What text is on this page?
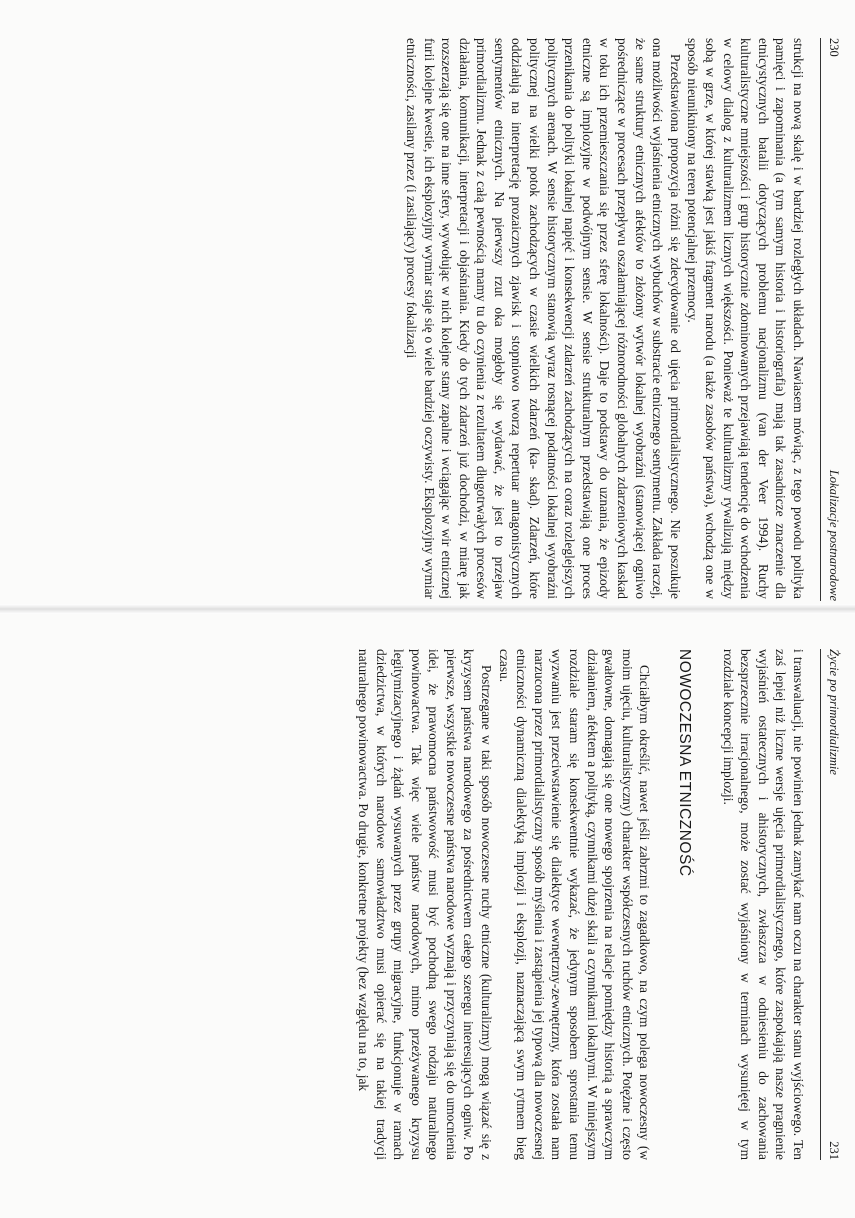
230
Lokalizacje postnarodowe

strukcji na nową skalę i w bardziej rozległych układach. Nawiasem mówiąc, z tego powodu polityka pamięci i zapominania (a tym samym historia i historiografia) mają tak zasadnicze znaczenie dla etnicystycznych batalii dotyczących problemu nacjonalizmu (van der Veer 1994). Ruchy kulturalistyczne mniejszości i grup historycznie zdominowanych przejawiają tendencję do wchodzenia w celowy dialog z kulturalizmem licznych większości. Ponieważ te kulturalizmy rywalizują między sobą w grze, w której stawką jest jakiś fragment narodu (a także zasobów państwa), wchodzą one w sposób nieunikniony na teren potencjalnej przemocy.

Przedstawiona propozycja różni się zdecydowanie od ujęcia primordialistycznego. Nie poszukuje ona możliwości wyjaśnienia etnicznych wybuchów w substracie etnicznego sentymentu. Zakłada raczej, że same struktury etnicznych afektów to złożony wytwór lokalnej wyobraźni (stanowiącej ogniwo pośredniczące w procesach przepływu oszałamiającej różnorodności globalnych zdarzeniowych kaskad w toku ich przemieszczania się przez sferę lokalności). Daje to podstawy do uznania, że epizody etniczne są implozyjne w podwójnym sensie. W sensie strukturalnym przedstawiają one proces przenikania do polityki lokalnej napięć i konsekwencji zdarzeń zachodzących na coraz rozleglejszych politycznych arenach. W sensie historycznym stanowią wyraz rosnącej podatności lokalnej wyobraźni politycznej na wielki potok zachodzących w czasie wielkich zdarzeń (ka- skad). Zdarzeń, które oddziałują na interpretację prozaicznych zjawisk i stopniowo tworzą repertuar antagonistycznych sentymentów etnicznych. Na pierwszy rzut oka mogłoby się wydawać, że jest to przejaw primordializmu. Jednak z całą pewnością mamy tu do czynienia z rezultatem długotrwałych procesów działania, komunikacji, interpretacji i objaśniania. Kiedy do tych zdarzeń już dochodzi, w miarę jak rozszerzają się one na inne sfery, wywołując w nich kolejne stany zapalne i wciągając w wir etnicznej furii kolejne kwestie, ich eksplozyjny wymiar staje się o wiele bardziej oczywisty. Eksplozyjny wymiar etniczności, zasilany przez (i zasilający) procesy fokalizacji

Życie po primordializmie
231

i transwaluacji, nie powinien jednak zamykać nam oczu na charakter stanu wyjściowego. Ten zaś lepiej niż liczne wersje ujęcia primordialistycznego, które zaspokajają nasze pragnienie wyjaśnień ostatecznych i ahistorycznych, zwłaszcza w odniesieniu do zachowania bezsprzecznie irracjonalnego, może zostać wyjaśniony w terminach wysuniętej w tym rozdziale koncepcji implozji.

NOWOCZESNA ETNICZNOŚĆ

Chciałbym określić, nawet jeśli zabrzmi to zagadkowo, na czym polega nowoczesny (w moim ujęciu, kulturalistyczny) charakter współczesnych ruchów etnicznych. Potężne i często gwałtowne, domagają się one nowego spojrzenia na relacje pomiędzy historią a sprawczym działaniem, afektem a polityką, czynnikami dużej skali a czynnikami lokalnymi. W niniejszym rozdziale staram się konsekwentnie wykazać, że jedynym sposobem sprostania temu wyzwaniu jest przeciwstawienie się dialektyce wewnętrzny-zewnętrzny, która została nam narzucona przez primordialistyczny sposób myślenia i zastąpienia jej typową dla nowoczesnej etniczności dynamiczną dialektyką implozji i eksplozji, naznaczającą swym rytmem bieg czasu.

Postrzegane w taki sposób nowoczesne ruchy etniczne (kulturalizmy) mogą wiązać się z kryzysem państwa narodowego za pośrednictwem całego szeregu interesujących ogniw. Po pierwsze, wszystkie nowoczesne państwa narodowe wyznają i przyczyniają się do umocnienia idei, że prawomocna państwowość musi być pochodną swego rodzaju naturalnego powinowactwa. Tak więc wiele państw narodowych, mimo przeżywanego kryzysu legitymizacyjnego i żądań wysuwanych przez grupy migracyjne, funkcjonuje w ramach dziedzictwa, w których narodowe samowładztwo musi opierać się na takiej tradycji naturalnego powinowactwa. Po drugie, konkretne projekty (bez względu na to, jak
